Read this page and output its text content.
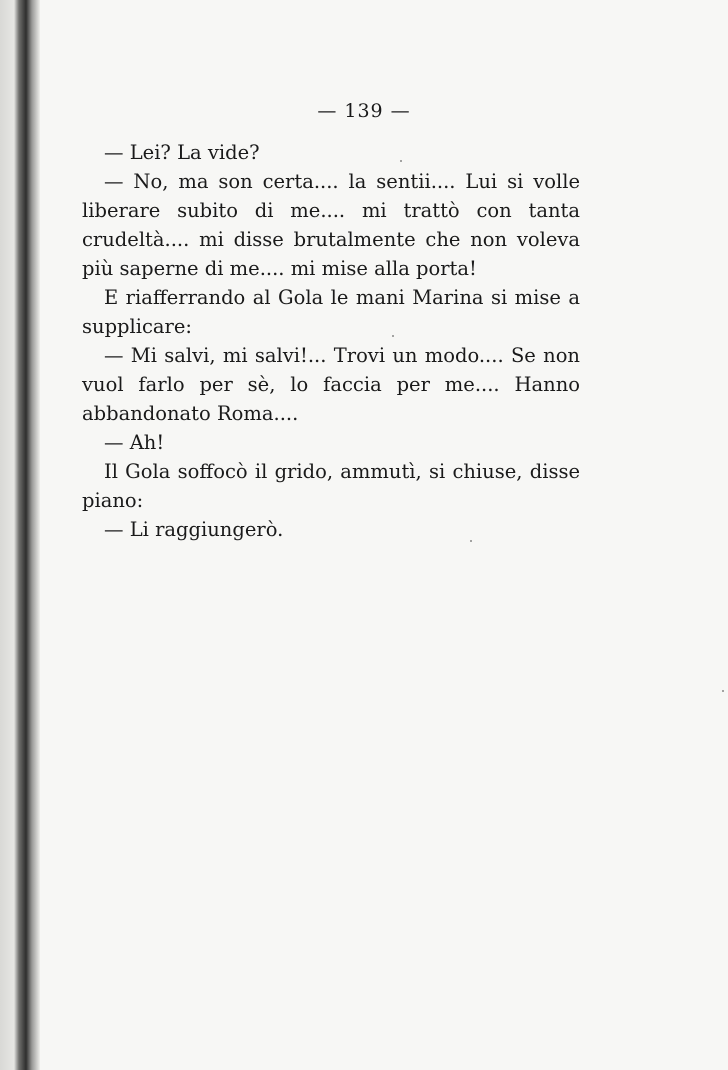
— 139 —

— Lei? La vide?

— No, ma son certa.... la sentii.... Lui si volle liberare subito di me.... mi trattò con tanta crudeltà.... mi disse brutalmente che non voleva più saperne di me.... mi mise alla porta!

E riafferrando al Gola le mani Marina si mise a supplicare:

— Mi salvi, mi salvi!... Trovi un modo.... Se non vuol farlo per sè, lo faccia per me.... Hanno abbandonato Roma....

— Ah!

Il Gola soffocò il grido, ammutì, si chiuse, disse piano:

— Li raggiungerò.
